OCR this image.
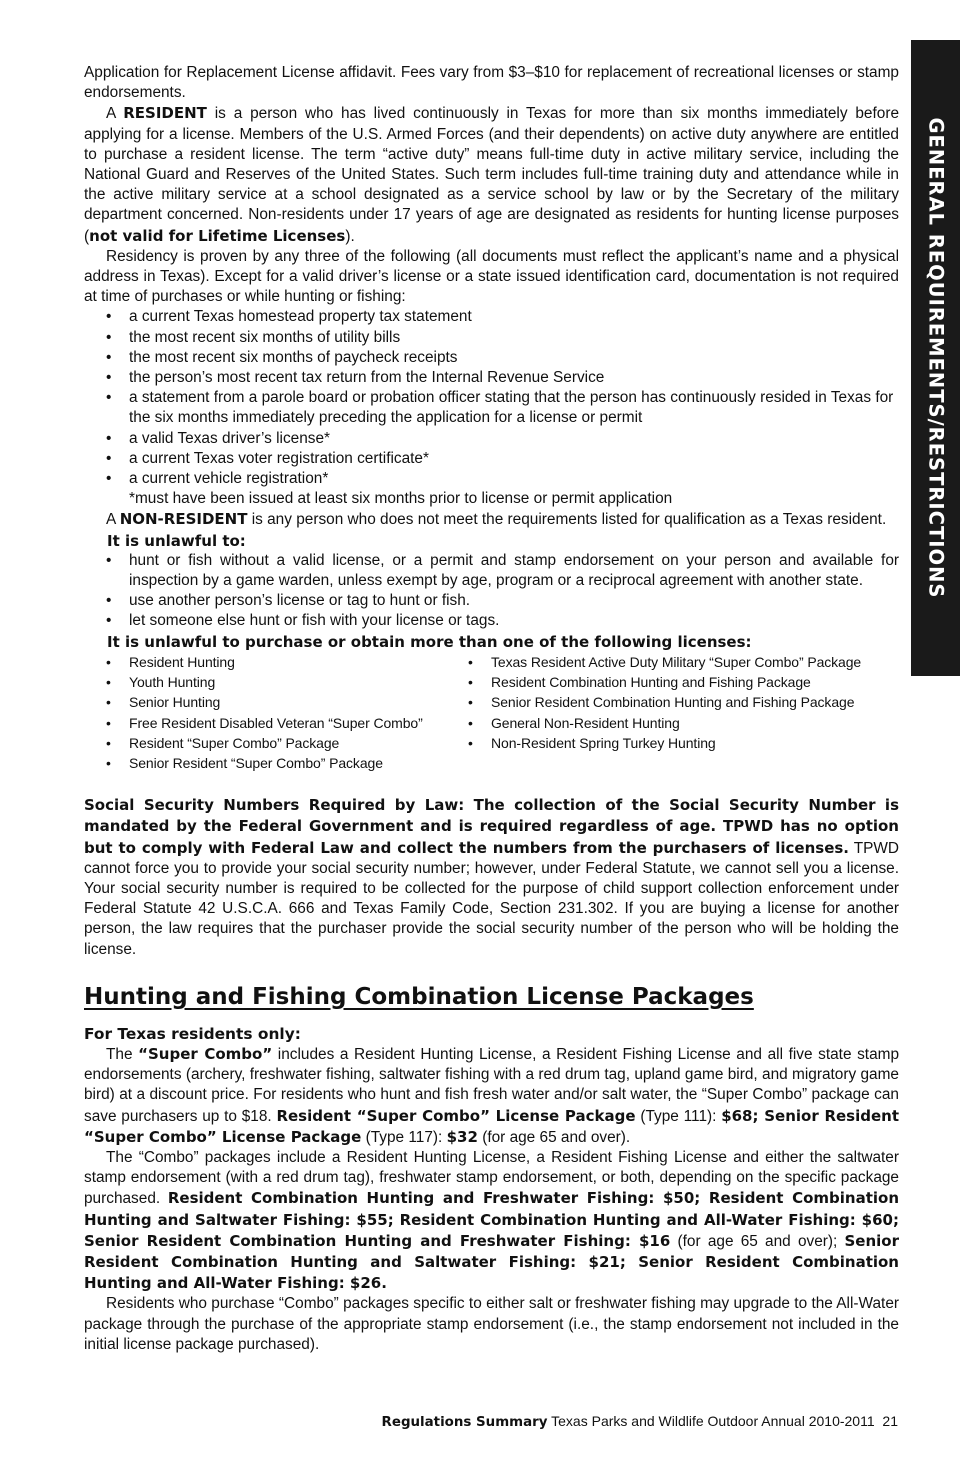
GENERAL REQUIREMENTS/RESTRICTIONS

Application for Replacement License affidavit. Fees vary from $3–$10 for replacement of recreational licenses or stamp endorsements.

A RESIDENT is a person who has lived continuously in Texas for more than six months immediately before applying for a license. Members of the U.S. Armed Forces (and their dependents) on active duty anywhere are entitled to purchase a resident license. The term “active duty” means full-time duty in active military service, including the National Guard and Reserves of the United States. Such term includes full-time training duty and attendance while in the active military service at a school designated as a service school by law or by the Secretary of the military department concerned. Non-residents under 17 years of age are designated as residents for hunting license purposes (not valid for Lifetime Licenses).

Residency is proven by any three of the following (all documents must reflect the applicant’s name and a physical address in Texas). Except for a valid driver’s license or a state issued identification card, documentation is not required at time of purchases or while hunting or fishing:

• a current Texas homestead property tax statement
• the most recent six months of utility bills
• the most recent six months of paycheck receipts
• the person’s most recent tax return from the Internal Revenue Service
• a statement from a parole board or probation officer stating that the person has continuously resided in Texas for the six months immediately preceding the application for a license or permit
• a valid Texas driver’s license*
• a current Texas voter registration certificate*
• a current vehicle registration*
*must have been issued at least six months prior to license or permit application

A NON-RESIDENT is any person who does not meet the requirements listed for qualification as a Texas resident.

It is unlawful to:
• hunt or fish without a valid license, or a permit and stamp endorsement on your person and available for inspection by a game warden, unless exempt by age, program or a reciprocal agreement with another state.
• use another person’s license or tag to hunt or fish.
• let someone else hunt or fish with your license or tags.
It is unlawful to purchase or obtain more than one of the following licenses:
• Resident Hunting
• Youth Hunting
• Senior Hunting
• Free Resident Disabled Veteran “Super Combo”
• Resident “Super Combo” Package
• Senior Resident “Super Combo” Package
• Texas Resident Active Duty Military “Super Combo” Package
• Resident Combination Hunting and Fishing Package
• Senior Resident Combination Hunting and Fishing Package
• General Non-Resident Hunting
• Non-Resident Spring Turkey Hunting

Social Security Numbers Required by Law: The collection of the Social Security Number is mandated by the Federal Government and is required regardless of age. TPWD has no option but to comply with Federal Law and collect the numbers from the purchasers of licenses. TPWD cannot force you to provide your social security number; however, under Federal Statute, we cannot sell you a license. Your social security number is required to be collected for the purpose of child support collection enforcement under Federal Statute 42 U.S.C.A. 666 and Texas Family Code, Section 231.302. If you are buying a license for another person, the law requires that the purchaser provide the social security number of the person who will be holding the license.

Hunting and Fishing Combination License Packages
For Texas residents only:

The “Super Combo” includes a Resident Hunting License, a Resident Fishing License and all five state stamp endorsements (archery, freshwater fishing, saltwater fishing with a red drum tag, upland game bird, and migratory game bird) at a discount price. For residents who hunt and fish fresh water and/or salt water, the “Super Combo” package can save purchasers up to $18. Resident “Super Combo” License Package (Type 111): $68; Senior Resident “Super Combo” License Package (Type 117): $32 (for age 65 and over).

The “Combo” packages include a Resident Hunting License, a Resident Fishing License and either the saltwater stamp endorsement (with a red drum tag), freshwater stamp endorsement, or both, depending on the specific package purchased. Resident Combination Hunting and Freshwater Fishing: $50; Resident Combination Hunting and Saltwater Fishing: $55; Resident Combination Hunting and All-Water Fishing: $60; Senior Resident Combination Hunting and Freshwater Fishing: $16 (for age 65 and over); Senior Resident Combination Hunting and Saltwater Fishing: $21; Senior Resident Combination Hunting and All-Water Fishing: $26.

Residents who purchase “Combo” packages specific to either salt or freshwater fishing may upgrade to the All-Water package through the purchase of the appropriate stamp endorsement (i.e., the stamp endorsement not included in the initial license package purchased).

Regulations Summary Texas Parks and Wildlife Outdoor Annual 2010-2011 21
